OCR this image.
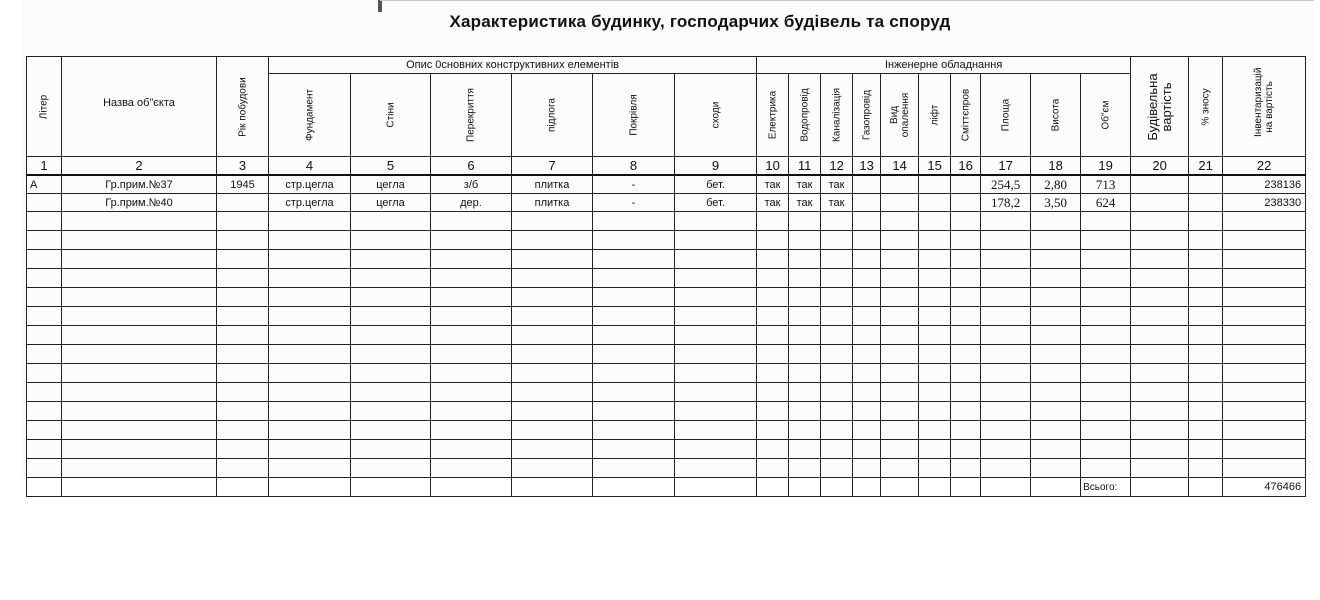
Характеристика будинку, господарчих будівель та споруд
Літер	Назва об"єкта	Рік побудови	Опис 0сновних конструктивних елементів						Інженерне обладнання										Будівельна вартість	% зносу	Інвентаризацій на вартість

			Фундамент	Стіни	Перекриття	підлога	Покрівля	сходи	Електрика	Водопровід	Каналізація	Газопровід	Вид опалення	ліфт	Сміттєпров	Площа	Висота	Об"єм			

1	2	3	4	5	6	7	8	9	10	11	12	13	14	15	16	17	18	19	20	21	22
А	Гр.прим.№37	1945	стр.цегла	цегла	з/б	плитка	-	бет.	так	так	так					254,5	2,80	713			238136
	Гр.прим.№40		стр.цегла	цегла	дер.	плитка	-	бет.	так	так	так					178,2	3,50	624			238330

																		Всього:			476466
